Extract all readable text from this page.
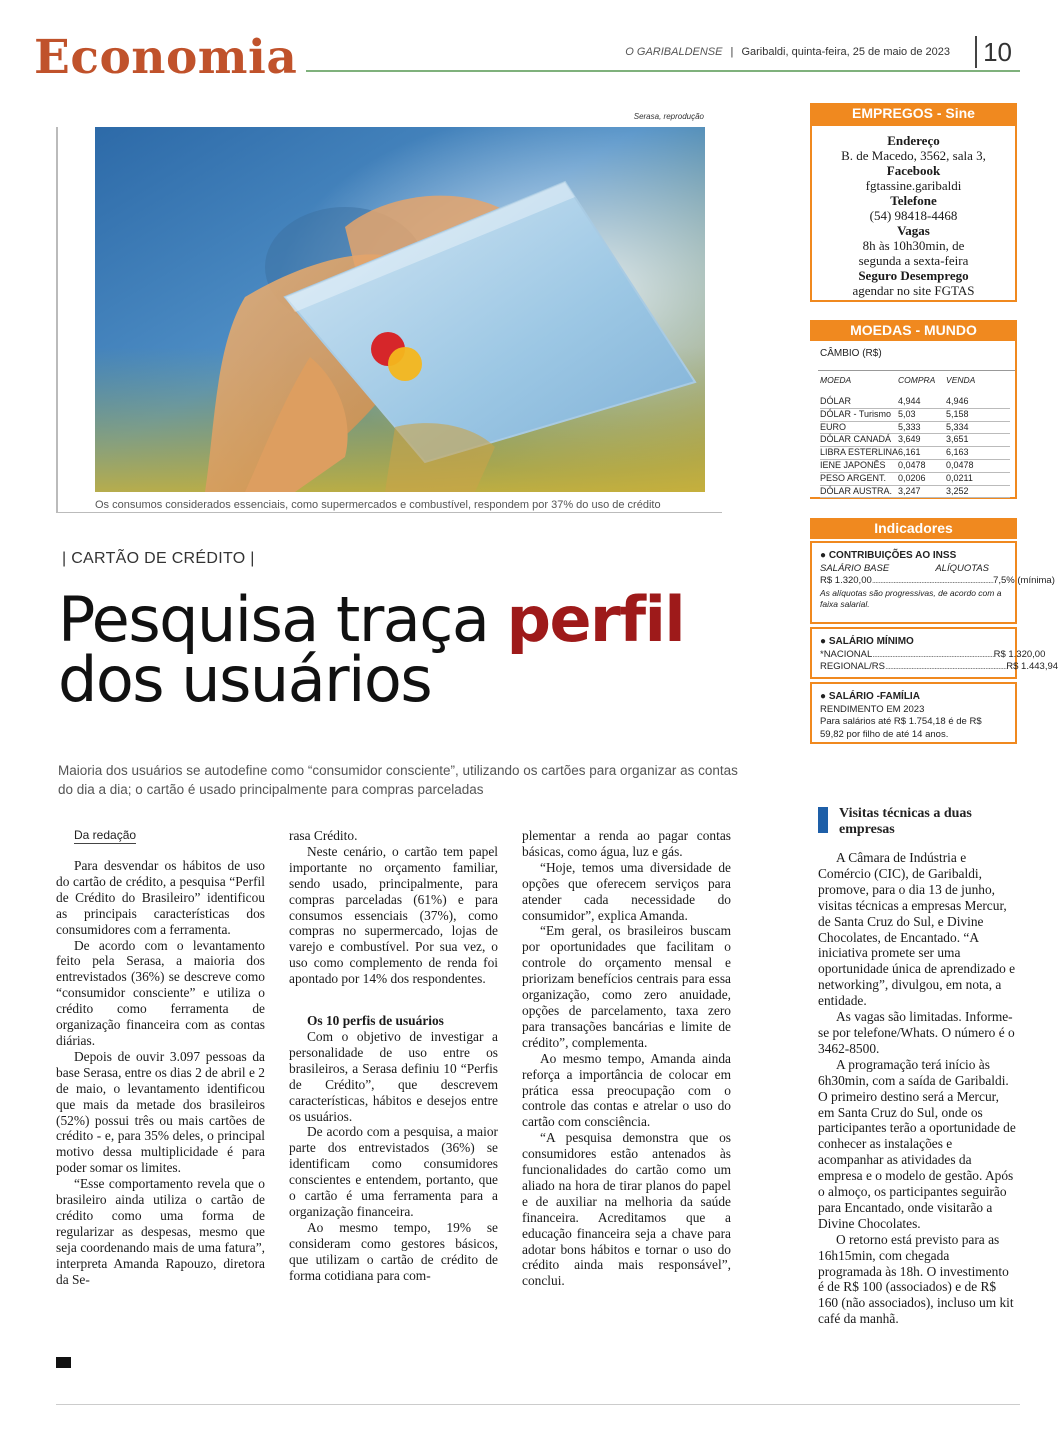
Economia	O GARIBALDENSE | Garibaldi, quinta-feira, 25 de maio de 2023	10
Serasa, reprodução
Os consumos considerados essenciais, como supermercados e combustível, respondem por 37% do uso de crédito
| CARTÃO DE CRÉDITO |
Pesquisa traça perfil
dos usuários
Maioria dos usuários se autodefine como “consumidor consciente”, utilizando os cartões para organizar as contas do dia a dia; o cartão é usado principalmente para compras parceladas
Da redação

Para desvendar os hábitos de uso do cartão de crédito, a pesquisa “Perfil de Crédito do Brasileiro” identificou as principais características dos consumidores com a ferramenta.

De acordo com o levantamento feito pela Serasa, a maioria dos entrevistados (36%) se descreve como “consumidor consciente” e utiliza o crédito como ferramenta de organização financeira com as contas diárias.

Depois de ouvir 3.097 pessoas da base Serasa, entre os dias 2 de abril e 2 de maio, o levantamento identificou que mais da metade dos brasileiros (52%) possui três ou mais cartões de crédito - e, para 35% deles, o principal motivo dessa multiplicidade é para poder somar os limites.

“Esse comportamento revela que o brasileiro ainda utiliza o cartão de crédito como uma forma de regularizar as despesas, mesmo que seja coordenando mais de uma fatura”, interpreta Amanda Rapouzo, diretora da Se-

rasa Crédito.

Neste cenário, o cartão tem papel importante no orçamento familiar, sendo usado, principalmente, para compras parceladas (61%) e para consumos essenciais (37%), como compras no supermercado, lojas de varejo e combustível. Por sua vez, o uso como complemento de renda foi apontado por 14% dos respondentes.

Os 10 perfis de usuários

Com o objetivo de investigar a personalidade de uso entre os brasileiros, a Serasa definiu 10 “Perfis de Crédito”, que descrevem características, hábitos e desejos entre os usuários.

De acordo com a pesquisa, a maior parte dos entrevistados (36%) se identificam como consumidores conscientes e entendem, portanto, que o cartão é uma ferramenta para a organização financeira.

Ao mesmo tempo, 19% se consideram como gestores básicos, que utilizam o cartão de crédito de forma cotidiana para com-

plementar a renda ao pagar contas básicas, como água, luz e gás.

“Hoje, temos uma diversidade de opções que oferecem serviços para atender cada necessidade do consumidor”, explica Amanda.

“Em geral, os brasileiros buscam por oportunidades que facilitam o controle do orçamento mensal e priorizam benefícios centrais para essa organização, como zero anuidade, opções de parcelamento, taxa zero para transações bancárias e limite de crédito”, complementa.

Ao mesmo tempo, Amanda ainda reforça a importância de colocar em prática essa preocupação com o controle das contas e atrelar o uso do cartão com consciência.

“A pesquisa demonstra que os consumidores estão antenados às funcionalidades do cartão como um aliado na hora de tirar planos do papel e de auxiliar na melhoria da saúde financeira. Acreditamos que a educação financeira seja a chave para adotar bons hábitos e tornar o uso do crédito ainda mais responsável”, conclui.

Visitas técnicas a duas empresas

A Câmara de Indústria e Comércio (CIC), de Garibaldi, promove, para o dia 13 de junho, visitas técnicas a empresas Mercur, de Santa Cruz do Sul, e Divine Chocolates, de Encantado. “A iniciativa promete ser uma oportunidade única de aprendizado e networking”, divulgou, em nota, a entidade.

As vagas são limitadas. Informe-se por telefone/Whats. O número é o 3462-8500.

A programação terá início às 6h30min, com a saída de Garibaldi. O primeiro destino será a Mercur, em Santa Cruz do Sul, onde os participantes terão a oportunidade de conhecer as instalações e acompanhar as atividades da empresa e o modelo de gestão. Após o almoço, os participantes seguirão para Encantado, onde visitarão a Divine Chocolates.

O retorno está previsto para as 16h15min, com chegada programada às 18h. O investimento é de R$ 100 (associados) e de R$ 160 (não associados), incluso um kit café da manhã.

EMPREGOS - Sine
Endereço
B. de Macedo, 3562, sala 3,
Facebook
fgtassine.garibaldi
Telefone
(54) 98418-4468
Vagas
8h às 10h30min, de
segunda a sexta-feira
Seguro Desemprego
agendar no site FGTAS
MOEDAS - MUNDO
CÂMBIO (R$)
MOEDA	COMPRA	VENDA
DÓLAR	4,944	4,946
DÓLAR - Turismo	5,03	5,158
EURO	5,333	5,334
DÓLAR CANADÁ	3,649	3,651
LIBRA ESTERLINA	6,161	6,163
IENE JAPONÊS	0,0478	0,0478
PESO ARGENT.	0,0206	0,0211
DÓLAR AUSTRA.	3,247	3,252
Indicadores
● CONTRIBUIÇÕES AO INSS
SALÁRIO BASE	ALÍQUOTAS
R$ 1.320,00 .......................................................................... 7,5% (mínima)
As alíquotas são progressivas, de acordo com a faixa salarial.
● SALÁRIO MÍNIMO
*NACIONAL .......................................................................... R$ 1.320,00
REGIONAL/RS .......................................................................... R$ 1.443,94
● SALÁRIO -FAMÍLIA
RENDIMENTO EM 2023
Para salários até R$ 1.754,18 é de R$ 59,82 por filho de até 14 anos.
